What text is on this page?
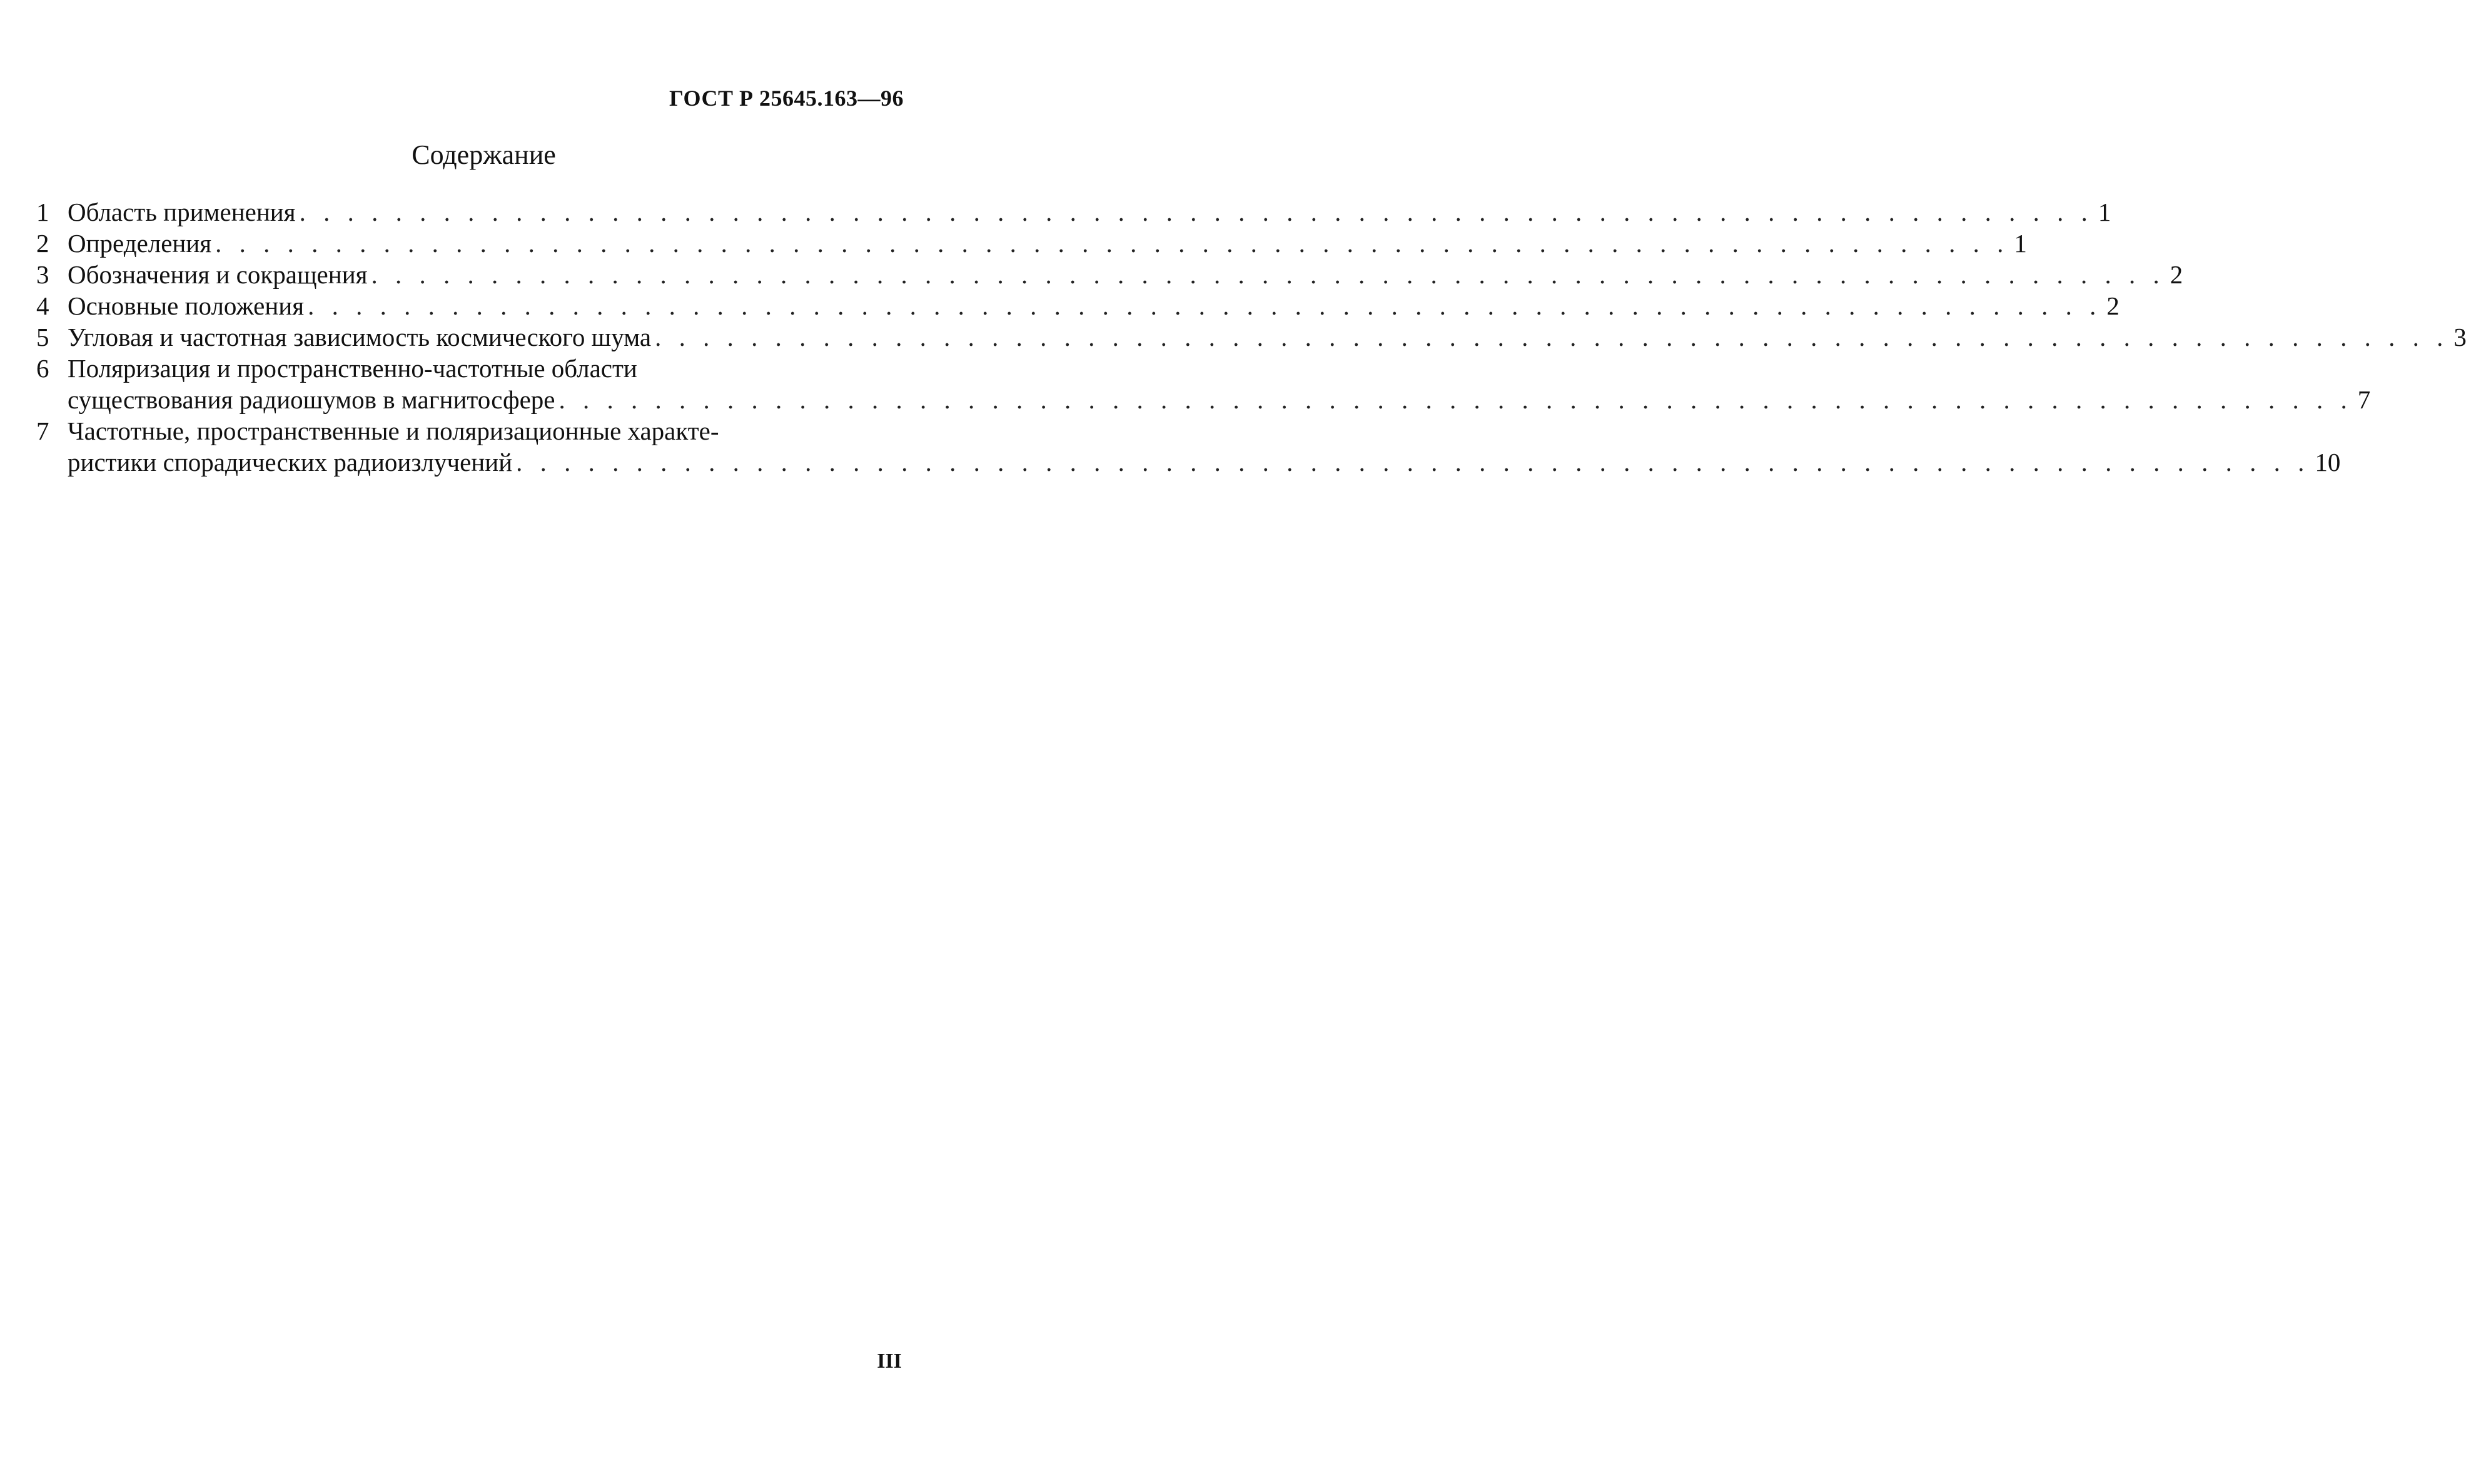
ГОСТ Р 25645.163—96
Содержание
1 Область применения . . .	1
2 Определения . . .	1
3 Обозначения и сокращения . . .	2
4 Основные положения . . .	2
5 Угловая и частотная зависимость космического шума . . .	3
6 Поляризация и пространственно-частотные области
существования радиошумов в магнитосфере . . .	7
7 Частотные, пространственные и поляризационные характе-
ристики спорадических радиоизлучений . . .	10
III
